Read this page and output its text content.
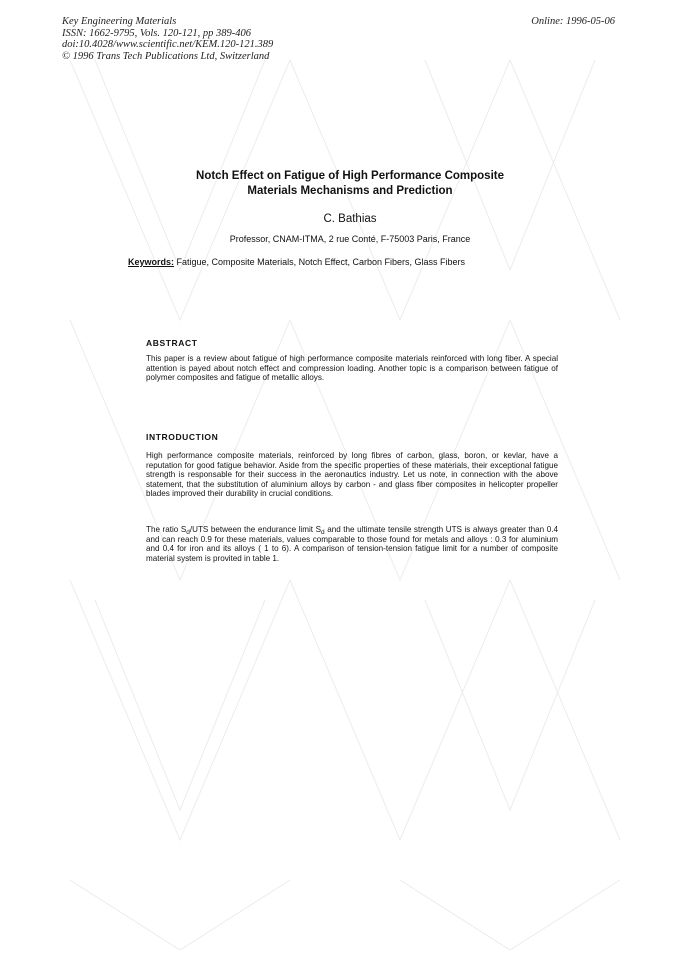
Key Engineering Materials
ISSN: 1662-9795, Vols. 120-121, pp 389-406
doi:10.4028/www.scientific.net/KEM.120-121.389
© 1996 Trans Tech Publications Ltd, Switzerland
Online: 1996-05-06
Notch Effect on Fatigue of High Performance Composite
Materials Mechanisms and Prediction
C. Bathias
Professor, CNAM-ITMA, 2 rue Conté, F-75003 Paris, France
Keywords: Fatigue, Composite Materials, Notch Effect, Carbon Fibers, Glass Fibers
ABSTRACT
This paper is a review about fatigue of high performance composite materials reinforced with long fiber. A special attention is payed about notch effect and compression loading. Another topic is a comparison between fatigue of polymer composites and fatigue of metallic alloys.
INTRODUCTION
High performance composite materials, reinforced by long fibres of carbon, glass, boron, or kevlar, have a reputation for good fatigue behavior. Aside from the specific properties of these materials, their exceptional fatigue strength is responsable for their success in the aeronautics industry. Let us note, in connection with the above statement, that the substitution of aluminium alloys by carbon - and glass fiber composites in helicopter propeller blades improved their durability in crucial conditions.
The ratio $S_d$/UTS between the endurance limit $S_d$ and the ultimate tensile strength UTS is always greater than 0.4 and can reach 0.9 for these materials, values comparable to those found for metals and alloys : 0.3 for aluminium and 0.4 for iron and its alloys ( 1 to 6). A comparison of tension-tension fatigue limit for a number of composite material system is provited in table 1.
